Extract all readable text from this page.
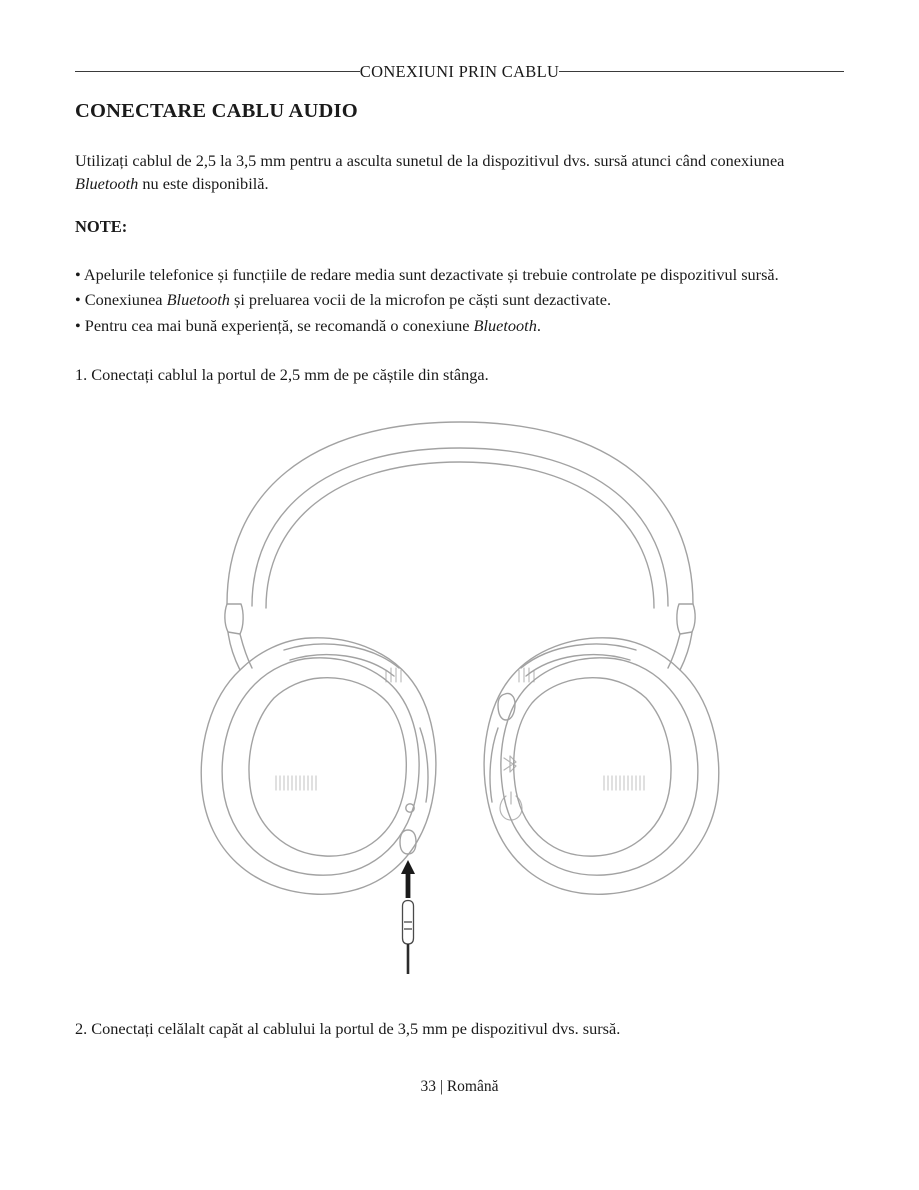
CONEXIUNI PRIN CABLU
CONECTARE CABLU AUDIO

Utilizați cablul de 2,5 la 3,5 mm pentru a asculta sunetul de la dispozitivul dvs. sursă atunci când conexiunea Bluetooth nu este disponibilă.

NOTE:
• Apelurile telefonice și funcțiile de redare media sunt dezactivate și trebuie controlate pe dispozitivul sursă.
• Conexiunea Bluetooth și preluarea vocii de la microfon pe căști sunt dezactivate.
• Pentru cea mai bună experiență, se recomandă o conexiune Bluetooth.

1. Conectați cablul la portul de 2,5 mm de pe căștile din stânga.

2. Conectați celălalt capăt al cablului la portul de 3,5 mm pe dispozitivul dvs. sursă.
33 | Română
